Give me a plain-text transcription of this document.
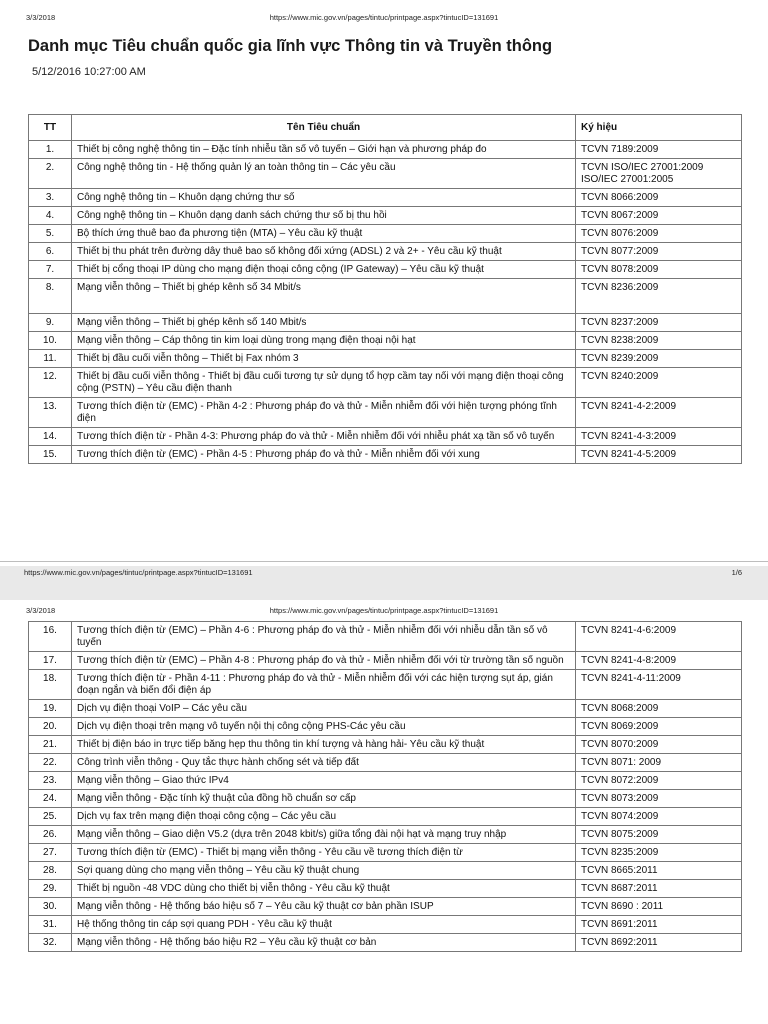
3/3/2018	https://www.mic.gov.vn/pages/tintuc/printpage.aspx?tintucID=131691
Danh mục Tiêu chuẩn quốc gia lĩnh vực Thông tin và Truyền thông
5/12/2016 10:27:00 AM
TT	Tên Tiêu chuẩn	Ký hiệu
1.	Thiết bị công nghệ thông tin – Đặc tính nhiễu tần số vô tuyến – Giới hạn và phương pháp đo	TCVN 7189:2009
2.	Công nghệ thông tin - Hệ thống quản lý an toàn thông tin – Các yêu cầu	TCVN ISO/IEC 27001:2009
ISO/IEC 27001:2005
3.	Công nghệ thông tin – Khuôn dạng chứng thư số	TCVN 8066:2009
4.	Công nghệ thông tin – Khuôn dạng danh sách chứng thư số bị thu hồi	TCVN 8067:2009
5.	Bộ thích ứng thuê bao đa phương tiện (MTA) – Yêu cầu kỹ thuật	TCVN 8076:2009
6.	Thiết bị thu phát trên đường dây thuê bao số không đối xứng (ADSL) 2 và 2+ - Yêu cầu kỹ thuật	TCVN 8077:2009
7.	Thiết bị cổng thoại IP dùng cho mạng điện thoại công cộng (IP Gateway) – Yêu cầu kỹ thuật	TCVN 8078:2009
8.	Mạng viễn thông – Thiết bị ghép kênh số 34 Mbit/s	TCVN 8236:2009
9.	Mạng viễn thông – Thiết bị ghép kênh số 140 Mbit/s	TCVN 8237:2009
10.	Mạng viễn thông – Cáp thông tin kim loại dùng trong mạng điện thoại nội hạt	TCVN 8238:2009
11.	Thiết bị đầu cuối viễn thông – Thiết bị Fax nhóm 3	TCVN 8239:2009
12.	Thiết bị đầu cuối viễn thông - Thiết bị đầu cuối tương tự sử dụng tổ hợp cầm tay nối với mạng điện thoại công cộng (PSTN) – Yêu cầu điện thanh	TCVN 8240:2009
13.	Tương thích điện từ (EMC) - Phần 4-2 : Phương pháp đo và thử - Miễn nhiễm đối với hiện tượng phóng tĩnh điện	TCVN 8241-4-2:2009
14.	Tương thích điện từ - Phần 4-3: Phương pháp đo và thử - Miễn nhiễm đối với nhiễu phát xạ tần số vô tuyến	TCVN 8241-4-3:2009
15.	Tương thích điện từ (EMC) - Phần 4-5 : Phương pháp đo và thử - Miễn nhiễm đối với xung	TCVN 8241-4-5:2009
https://www.mic.gov.vn/pages/tintuc/printpage.aspx?tintucID=131691	1/6
3/3/2018	https://www.mic.gov.vn/pages/tintuc/printpage.aspx?tintucID=131691
16.	Tương thích điện từ (EMC) – Phần 4-6 : Phương pháp đo và thử - Miễn nhiễm đối với nhiễu dẫn tần số vô tuyến	TCVN 8241-4-6:2009
17.	Tương thích điện từ (EMC) – Phần 4-8 : Phương pháp đo và thử - Miễn nhiễm đối với từ trường tần số nguồn	TCVN 8241-4-8:2009
18.	Tương thích điện từ - Phần 4-11 : Phương pháp đo và thử - Miễn nhiễm đối với các hiện tượng sụt áp, gián đoạn ngắn và biến đổi điện áp	TCVN 8241-4-11:2009
19.	Dịch vụ điện thoại VoIP – Các yêu cầu	TCVN 8068:2009
20.	Dịch vụ điện thoại trên mạng vô tuyến nội thị công cộng PHS-Các yêu cầu	TCVN 8069:2009
21.	Thiết bị điện báo in trực tiếp băng hẹp thu thông tin khí tượng và hàng hải- Yêu cầu kỹ thuật	TCVN 8070:2009
22.	Công trình viễn thông - Quy tắc thực hành chống sét và tiếp đất	TCVN 8071: 2009
23.	Mạng viễn thông – Giao thức IPv4	TCVN 8072:2009
24.	Mạng viễn thông - Đặc tính kỹ thuật của đồng hồ chuẩn sơ cấp	TCVN 8073:2009
25.	Dịch vụ fax trên mạng điện thoại công cộng – Các yêu cầu	TCVN 8074:2009
26.	Mạng viễn thông – Giao diện V5.2 (dựa trên 2048 kbit/s) giữa tổng đài nội hạt và mạng truy nhập	TCVN 8075:2009
27.	Tương thích điện từ (EMC) - Thiết bị mạng viễn thông - Yêu cầu về tương thích điện từ	TCVN 8235:2009
28.	Sợi quang dùng cho mạng viễn thông – Yêu cầu kỹ thuật chung	TCVN 8665:2011
29.	Thiết bị nguồn -48 VDC dùng cho thiết bị viễn thông - Yêu cầu kỹ thuật	TCVN 8687:2011
30.	Mạng viễn thông - Hệ thống báo hiệu số 7 – Yêu cầu kỹ thuật cơ bản phần ISUP	TCVN 8690 : 2011
31.	Hệ thống thông tin cáp sợi quang PDH - Yêu cầu kỹ thuật	TCVN 8691:2011
32.	Mạng viễn thông - Hệ thống báo hiệu R2 – Yêu cầu kỹ thuật cơ bản	TCVN 8692:2011
